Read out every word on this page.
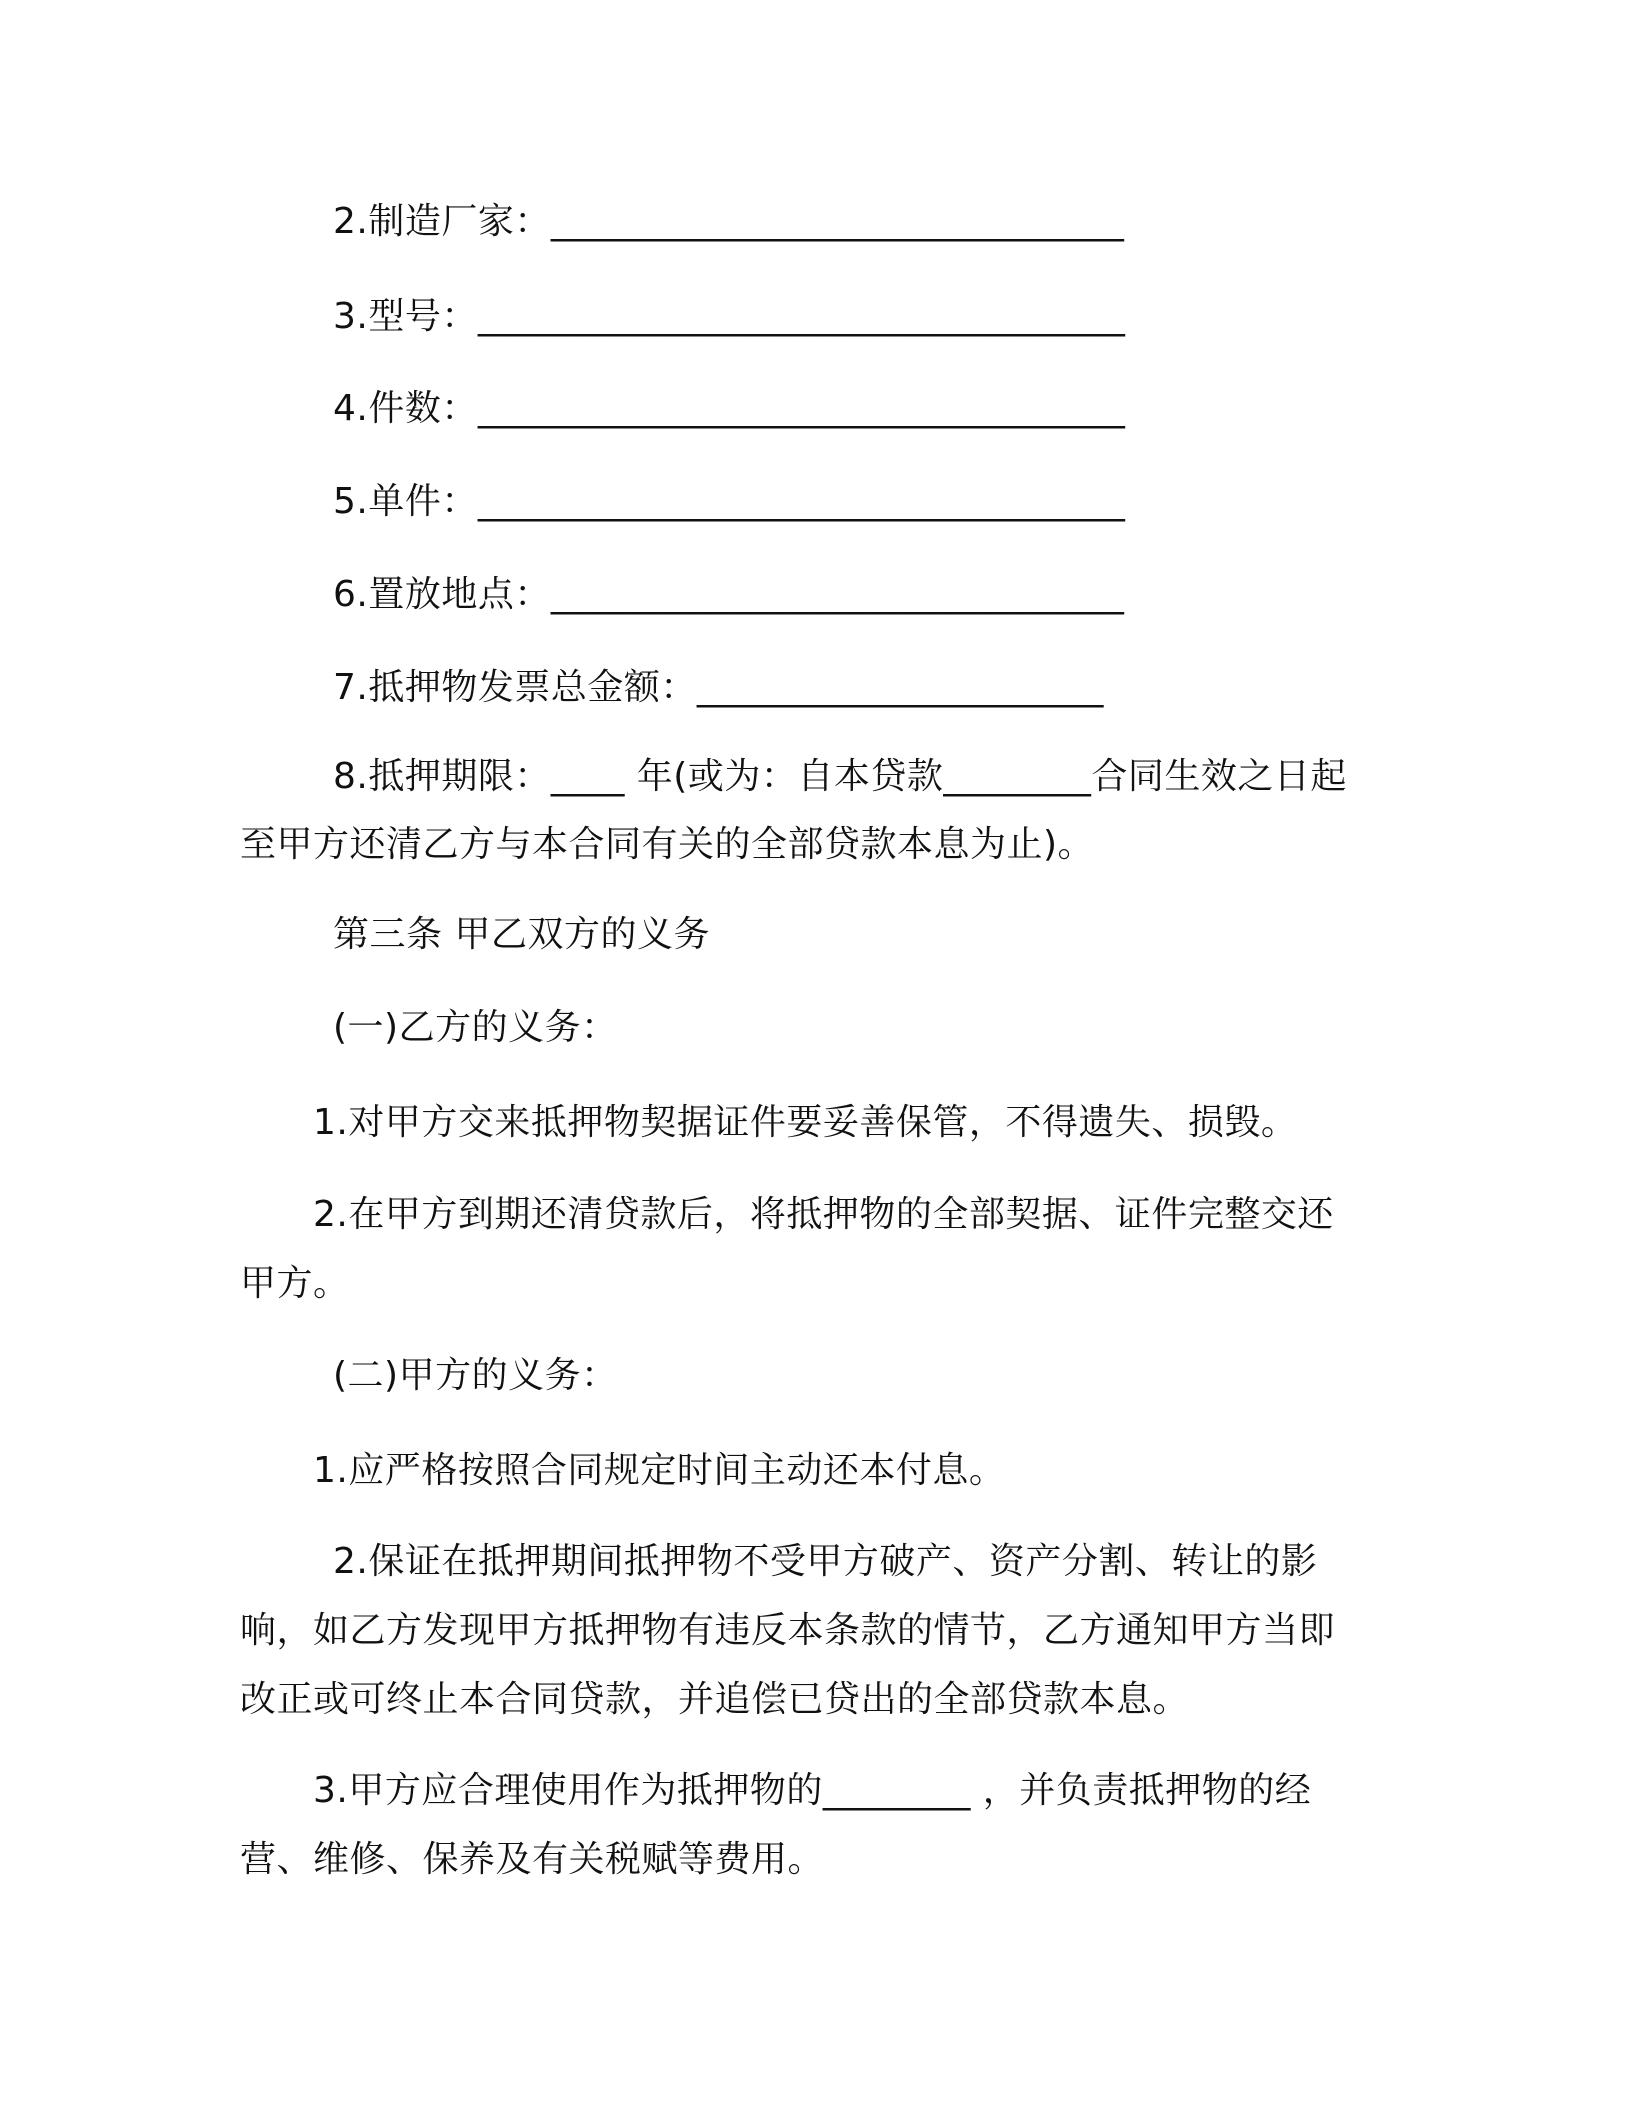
2.制造厂家：_______________________________
3.型号：___________________________________
4.件数：___________________________________
5.单件：___________________________________
6.置放地点：_______________________________
7.抵押物发票总金额：______________________
8.抵押期限：____ 年(或为：自本贷款________合同生效之日起
至甲方还清乙方与本合同有关的全部贷款本息为止)。
第三条 甲乙双方的义务
(一)乙方的义务：
1.对甲方交来抵押物契据证件要妥善保管，不得遗失、损毁。
2.在甲方到期还清贷款后，将抵押物的全部契据、证件完整交还
甲方。
(二)甲方的义务：
1.应严格按照合同规定时间主动还本付息。
2.保证在抵押期间抵押物不受甲方破产、资产分割、转让的影
响，如乙方发现甲方抵押物有违反本条款的情节，乙方通知甲方当即
改正或可终止本合同贷款，并追偿已贷出的全部贷款本息。
3.甲方应合理使用作为抵押物的________ ，并负责抵押物的经
营、维修、保养及有关税赋等费用。
